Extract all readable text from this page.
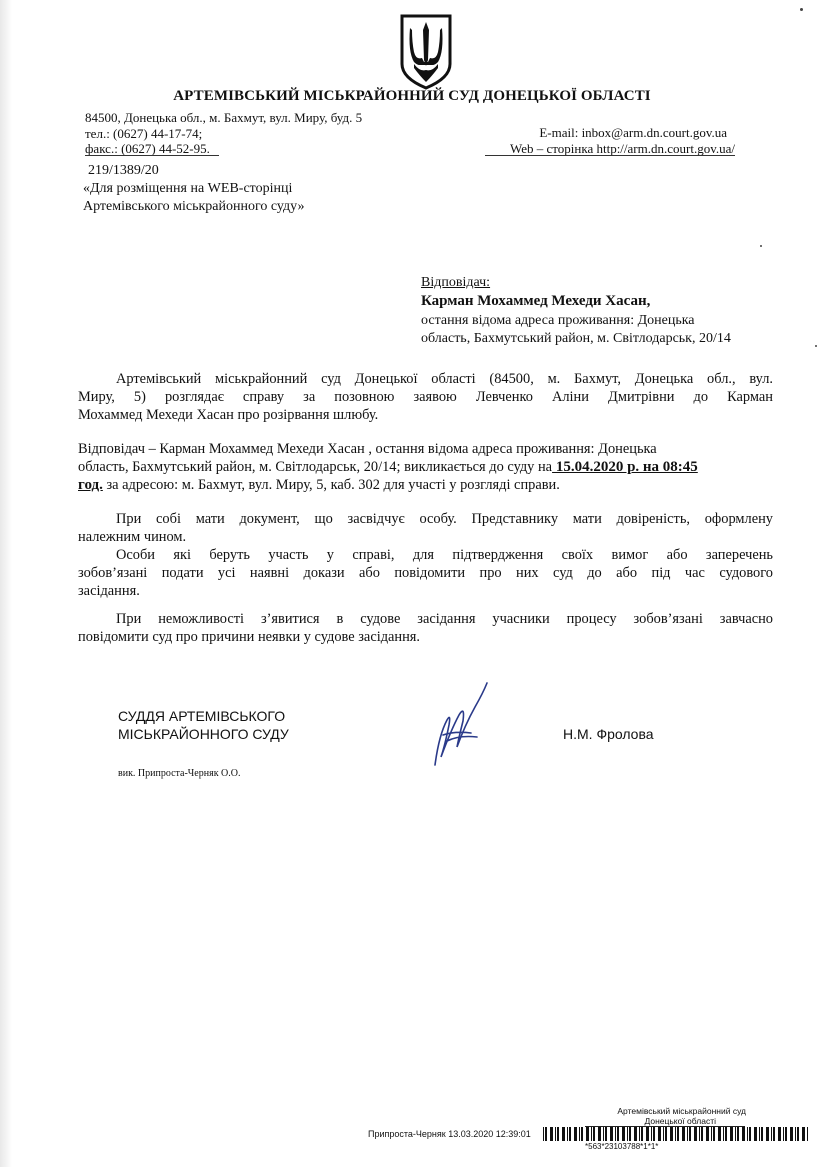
АРТЕМІВСЬКИЙ МІСЬКРАЙОННИЙ СУД ДОНЕЦЬКОЇ ОБЛАСТІ
84500, Донецька обл., м. Бахмут, вул. Миру, буд. 5
тел.: (0627) 44-17-74;
факс.: (0627) 44-52-95.
E-mail: inbox@arm.dn.court.gov.ua
Web – сторінка http://arm.dn.court.gov.ua/
219/1389/20
«Для розміщення на WEB-сторінці
Артемівського міськрайонного суду»
Відповідач:
Карман Мохаммед Мехеди Хасан,
остання відома адреса проживання: Донецька
область, Бахмутський район, м. Світлодарськ, 20/14
Артемівський міськрайонний суд Донецької області (84500, м. Бахмут, Донецька обл., вул.
Миру, 5) розглядає справу за позовною заявою Левченко Аліни Дмитрівни до Карман
Мохаммед Мехеди Хасан про розірвання шлюбу.
Відповідач – Карман Мохаммед Мехеди Хасан , остання відома адреса проживання: Донецька
область, Бахмутський район, м. Світлодарськ, 20/14; викликається до суду на 15.04.2020 р. на 08:45
год. за адресою: м. Бахмут, вул. Миру, 5, каб. 302 для участі у розгляді справи.
При собі мати документ, що засвідчує особу. Представнику мати довіреність, оформлену
належним чином.
Особи які беруть участь у справі, для підтвердження своїх вимог або заперечень
зобов’язані подати усі наявні докази або повідомити про них суд до або під час судового
засідання.
При неможливості з’явитися в судове засідання учасники процесу зобов’язані завчасно
повідомити суд про причини неявки у судове засідання.
СУДДЯ АРТЕМІВСЬКОГО
МІСЬКРАЙОННОГО СУДУ	Н.М. Фролова
вик. Припроста-Черняк О.О.
Артемівський міськрайонний суд
Донецької області
Припроста-Черняк 13.03.2020 12:39:01
*563*23103788*1*1*
